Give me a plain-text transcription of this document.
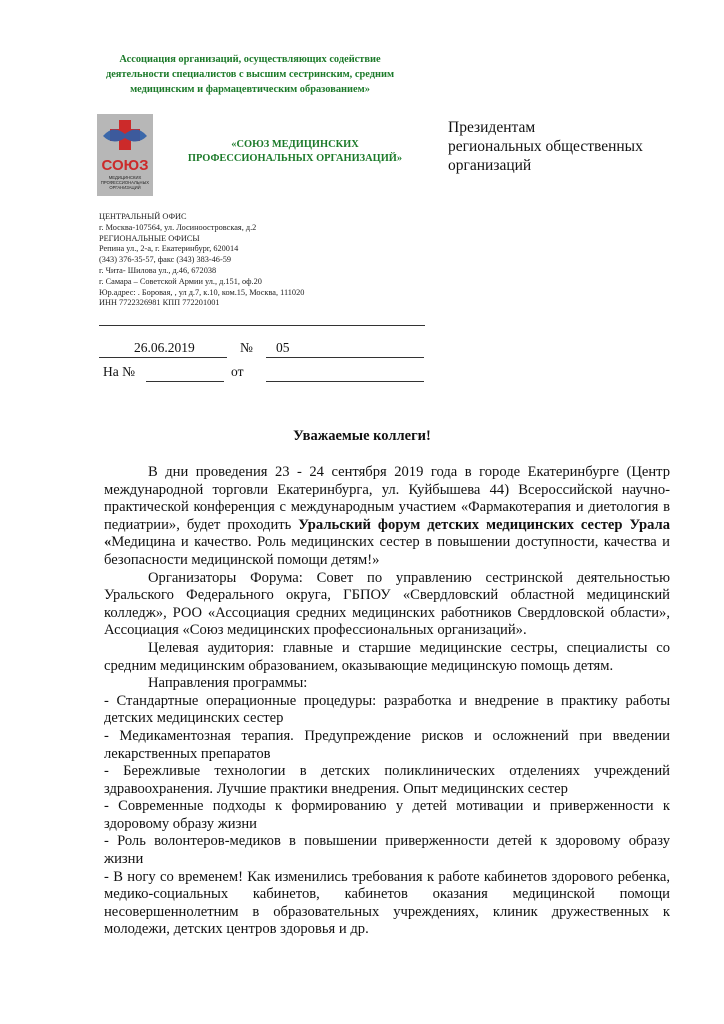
Ассоциация организаций, осуществляющих содействие
деятельности специалистов с высшим сестринским, средним
медицинским и фармацевтическим образованием»
СОЮЗ
МЕДИЦИНСКИХ
ПРОФЕССИОНАЛЬНЫХ
ОРГАНИЗАЦИЙ
«СОЮЗ МЕДИЦИНСКИХ
ПРОФЕССИОНАЛЬНЫХ ОРГАНИЗАЦИЙ»
Президентам
региональных общественных
организаций
ЦЕНТРАЛЬНЫЙ ОФИС
г. Москва-107564, ул. Лосиноостровская, д.2
РЕГИОНАЛЬНЫЕ ОФИСЫ
Репина ул., 2-а, г. Екатеринбург, 620014
(343) 376-35-57, факс (343) 383-46-59
г. Чита- Шилова ул., д.46, 672038
г. Самара – Советской Армии ул., д.151, оф.20
Юр.адрес: . Боровая, , ул д.7, к.10, ком.15, Москва, 111020
ИНН 7722326981 КПП 772201001
26.06.2019	№ 05
На №	от
Уважаемые коллеги!

В дни проведения 23 - 24 сентября 2019 года в городе Екатеринбурге (Центр международной торговли Екатеринбурга, ул. Куйбышева 44) Всероссийской научно-практической конференция с международным участием «Фармакотерапия и диетология в педиатрии», будет проходить Уральский форум детских медицинских сестер Урала «Медицина и качество. Роль медицинских сестер в повышении доступности, качества и безопасности медицинской помощи детям!»

Организаторы Форума: Совет по управлению сестринской деятельностью Уральского Федерального округа, ГБПОУ «Свердловский областной медицинский колледж», РОО «Ассоциация средних медицинских работников Свердловской области», Ассоциация «Союз медицинских профессиональных организаций».

Целевая аудитория: главные и старшие медицинские сестры, специалисты со средним медицинским образованием, оказывающие медицинскую помощь детям.

Направления программы:

- Стандартные операционные процедуры: разработка и внедрение в практику работы детских медицинских сестер

- Медикаментозная терапия. Предупреждение рисков и осложнений при введении лекарственных препаратов

- Бережливые технологии в детских поликлинических отделениях учреждений здравоохранения. Лучшие практики внедрения. Опыт медицинских сестер

- Современные подходы к формированию у детей мотивации и приверженности к здоровому образу жизни

- Роль волонтеров-медиков в повышении приверженности детей к здоровому образу жизни

- В ногу со временем! Как изменились требования к работе кабинетов здорового ребенка, медико-социальных кабинетов, кабинетов оказания медицинской помощи несовершеннолетним в образовательных учреждениях, клиник дружественных к молодежи, детских центров здоровья и др.
